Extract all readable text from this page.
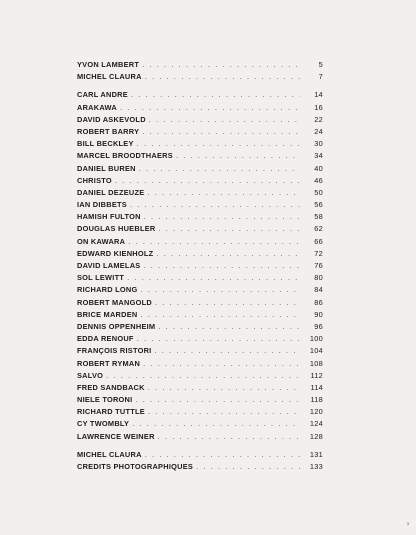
YVON LAMBERT . . .	5
MICHEL CLAURA . . .	7
CARL ANDRE . . .	14
ARAKAWA . . .	16
DAVID ASKEVOLD . . .	22
ROBERT BARRY . . .	24
BILL BECKLEY . . .	30
MARCEL BROODTHAERS . . .	34
DANIEL BUREN . . .	40
CHRISTO . . .	46
DANIEL DEZEUZE . . .	50
IAN DIBBETS . . .	56
HAMISH FULTON . . .	58
DOUGLAS HUEBLER . . .	62
ON KAWARA . . .	66
EDWARD KIENHOLZ . . .	72
DAVID LAMELAS . . .	76
SOL LEWITT . . .	80
RICHARD LONG . . .	84
ROBERT MANGOLD . . .	86
BRICE MARDEN . . .	90
DENNIS OPPENHEIM . . .	96
EDDA RENOUF . . .	100
FRANÇOIS RISTORI . . .	104
ROBERT RYMAN . . .	108
SALVO . . .	112
FRED SANDBACK . . .	114
NIELE TORONI . . .	118
RICHARD TUTTLE . . .	120
CY TWOMBLY . . .	124
LAWRENCE WEINER . . .	128
MICHEL CLAURA . . .	131
CREDITS PHOTOGRAPHIQUES . . .	133
3
